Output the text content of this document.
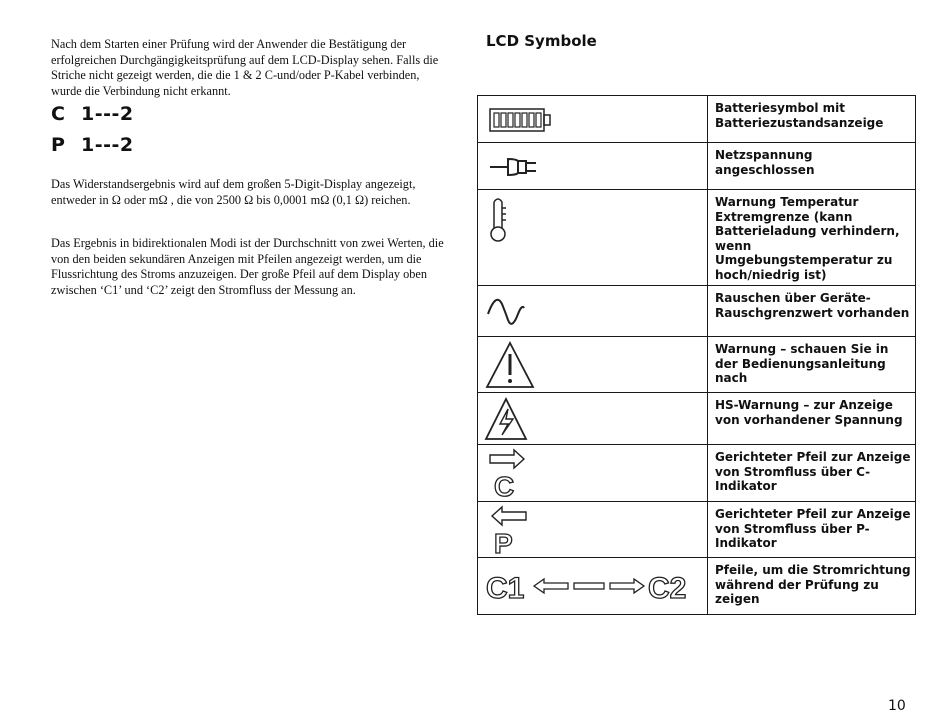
Nach dem Starten einer Prüfung wird der Anwender die Bestätigung der erfolgreichen Durchgängigkeitsprüfung auf dem LCD-Display sehen. Falls die Striche nicht gezeigt werden, die die 1 & 2 C-und/oder P-Kabel verbinden, wurde die Verbindung nicht erkannt.

C 1---2
P 1---2

Das Widerstandsergebnis wird auf dem großen 5-Digit-Display angezeigt, entweder in Ω oder mΩ , die von 2500 Ω bis 0,0001 mΩ (0,1 Ω) reichen.

Das Ergebnis in bidirektionalen Modi ist der Durchschnitt von zwei Werten, die von den beiden sekundären Anzeigen mit Pfeilen angezeigt werden, um die Flussrichtung des Stroms anzuzeigen. Der große Pfeil auf dem Display oben zwischen ‘C1’ und ‘C2’ zeigt den Stromfluss der Messung an.

LCD Symbole
	Batteriesymbol mit Batteriezustandsanzeige

	Netzspannung angeschlossen

	Warnung Temperatur Extremgrenze (kann Batterieladung verhindern, wenn Umgebungstemperatur zu hoch/niedrig ist)

	Rauschen über Geräte-Rauschgrenzwert vorhanden

	Warnung – schauen Sie in der Bedienungsanleitung nach

	HS-Warnung – zur Anzeige von vorhandener Spannung

C	Gerichteter Pfeil zur Anzeige von Stromfluss über C-Indikator

P	Gerichteter Pfeil zur Anzeige von Stromfluss über P-Indikator

C1 C2	Pfeile, um die Stromrichtung während der Prüfung zu zeigen
10
